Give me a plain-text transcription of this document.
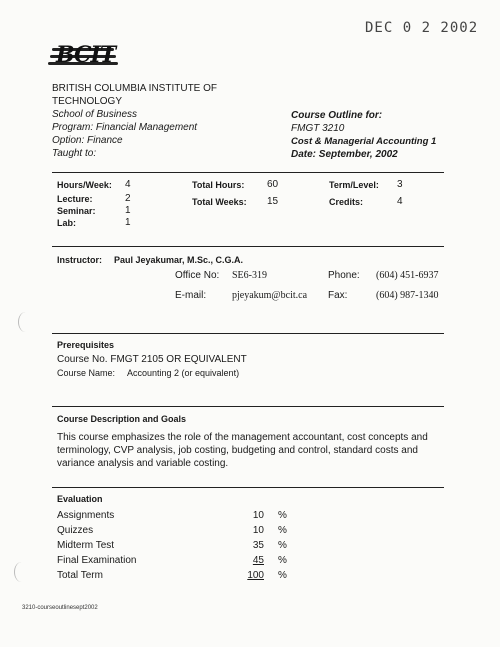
DEC 0 2 2002
BCIT
BRITISH COLUMBIA INSTITUTE OF
TECHNOLOGY
School of Business
Program: Financial Management
Option: Finance
Taught to:
Course Outline for:
FMGT 3210
Cost & Managerial Accounting 1
Date: September, 2002
Hours/Week: 4
Lecture:	2
Seminar:	1
Lab:	1
Total Hours: 60
Total Weeks: 15
Term/Level: 3
Credits:	4
Instructor: Paul Jeyakumar, M.Sc., C.G.A.
Office No: SE6-319	Phone: (604) 451-6937
E-mail:	pjeyakum@bcit.ca Fax:	(604) 987-1340
Prerequisites
Course No. FMGT 2105 OR EQUIVALENT
Course Name: Accounting 2 (or equivalent)
Course Description and Goals
This course emphasizes the role of the management accountant, cost concepts and
terminology, CVP analysis, job costing, budgeting and control, standard costs and
variance analysis and variable costing.
Evaluation
Assignments	10 %
Quizzes	10 %
Midterm Test	35 %
Final Examination	45 %
Total Term	100 %
3210-courseoutlinesept2002
